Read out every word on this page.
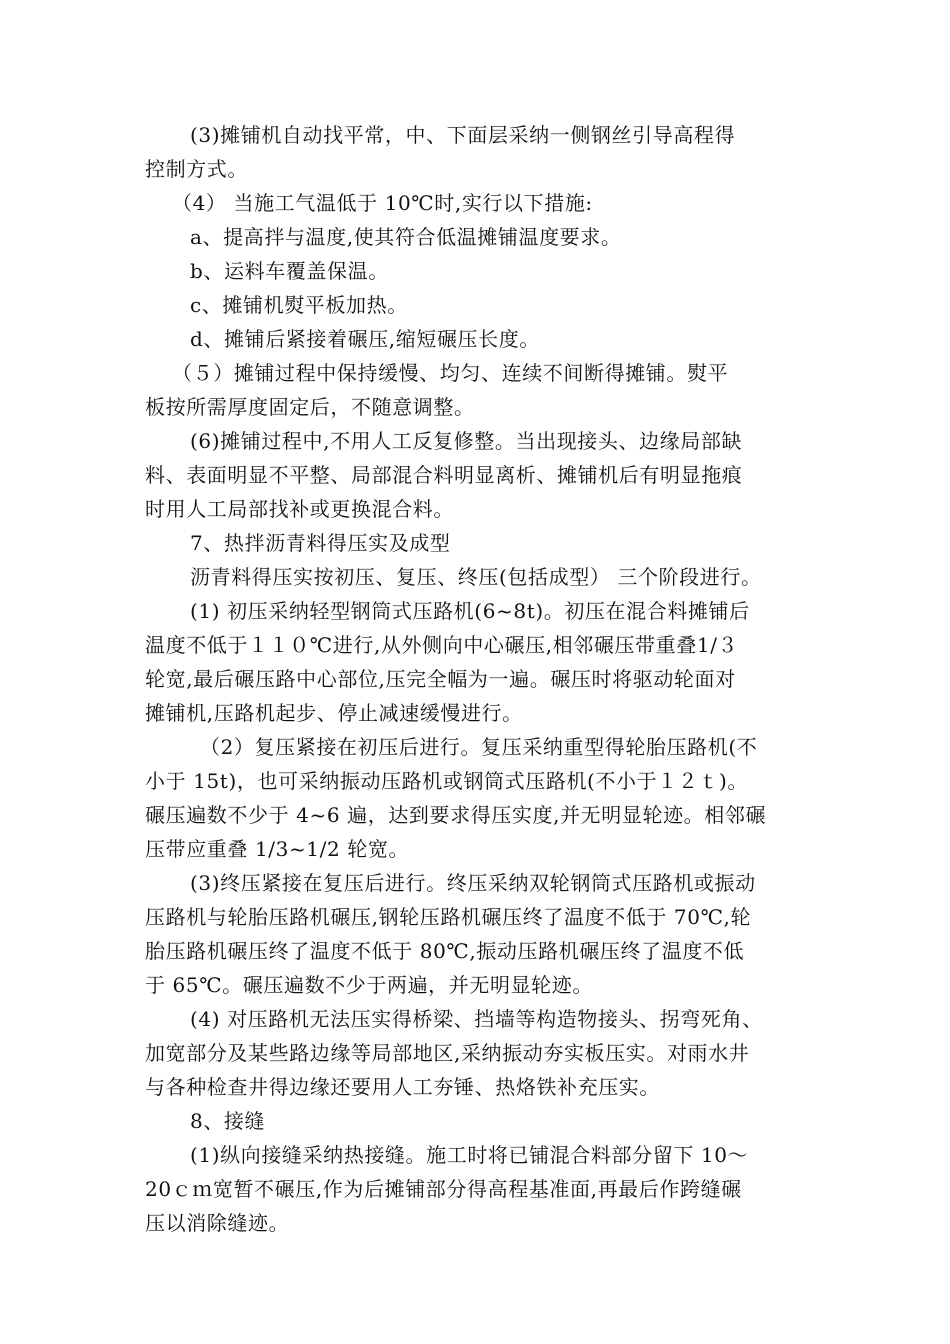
(3)摊铺机自动找平常，中、下面层采纳一侧钢丝引导高程得
控制方式。
（4） 当施工气温低于 10℃时,实行以下措施:
a、提高拌与温度,使其符合低温摊铺温度要求。
b、运料车覆盖保温。
c、摊铺机熨平板加热。
d、摊铺后紧接着碾压,缩短碾压长度。
（５）摊铺过程中保持缓慢、均匀、连续不间断得摊铺。熨平
板按所需厚度固定后，不随意调整。
(6)摊铺过程中,不用人工反复修整。当出现接头、边缘局部缺
料、表面明显不平整、局部混合料明显离析、摊铺机后有明显拖痕
时用人工局部找补或更换混合料。
7、热拌沥青料得压实及成型
沥青料得压实按初压、复压、终压(包括成型） 三个阶段进行。
(1) 初压采纳轻型钢筒式压路机(6~8t)。初压在混合料摊铺后
温度不低于１１０℃进行,从外侧向中心碾压,相邻碾压带重叠1/３
轮宽,最后碾压路中心部位,压完全幅为一遍。碾压时将驱动轮面对
摊铺机,压路机起步、停止减速缓慢进行。
（2）复压紧接在初压后进行。复压采纳重型得轮胎压路机(不
小于 15t)，也可采纳振动压路机或钢筒式压路机(不小于１２ｔ)。
碾压遍数不少于 4~6 遍，达到要求得压实度,并无明显轮迹。相邻碾
压带应重叠 1/3~1/2 轮宽。
(3)终压紧接在复压后进行。终压采纳双轮钢筒式压路机或振动
压路机与轮胎压路机碾压,钢轮压路机碾压终了温度不低于 70℃,轮
胎压路机碾压终了温度不低于 80℃,振动压路机碾压终了温度不低
于 65℃。碾压遍数不少于两遍，并无明显轮迹。
(4) 对压路机无法压实得桥梁、挡墙等构造物接头、拐弯死角、
加宽部分及某些路边缘等局部地区,采纳振动夯实板压实。对雨水井
与各种检查井得边缘还要用人工夯锤、热烙铁补充压实。
8、接缝
(1)纵向接缝采纳热接缝。施工时将已铺混合料部分留下 10～
20ｃｍ宽暂不碾压,作为后摊铺部分得高程基准面,再最后作跨缝碾
压以消除缝迹。
